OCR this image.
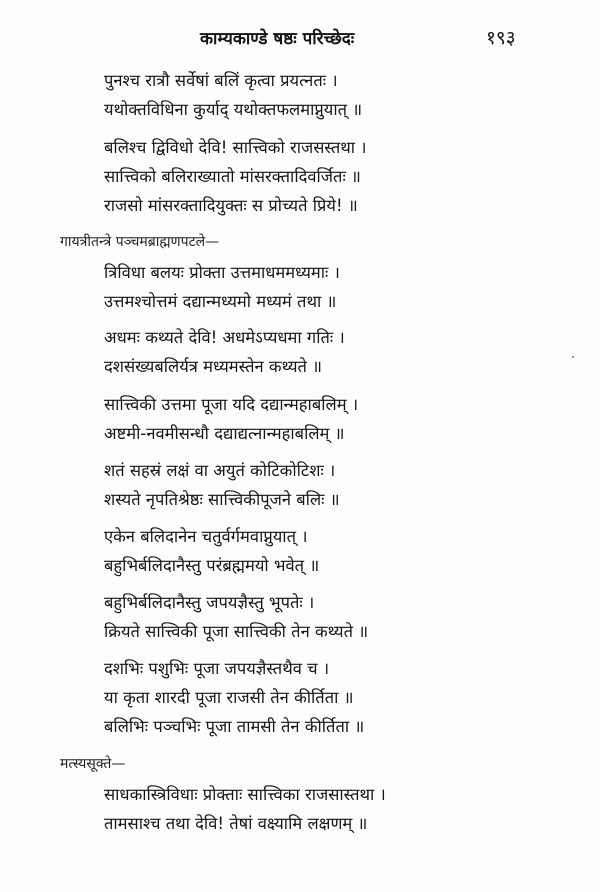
काम्यकाण्डे षष्ठः परिच्छेदः	१९३
पुनश्च रात्रौ सर्वेषां बलिं कृत्वा प्रयत्नतः ।
यथोक्तविधिना कुर्याद् यथोक्तफलमाप्नुयात् ॥
बलिश्च द्विविधो देवि! सात्त्विको राजसस्तथा ।
सात्त्विको बलिराख्यातो मांसरक्तादिवर्जितः ॥
राजसो मांसरक्तादियुक्तः स प्रोच्यते प्रिये! ॥
गायत्रीतन्त्रे पञ्चमब्राह्मणपटले—
त्रिविधा बलयः प्रोक्ता उत्तमाधममध्यमाः ।
उत्तमश्चोत्तमं दद्यान्मध्यमो मध्यमं तथा ॥
अधमः कथ्यते देवि! अधमेऽप्यधमा गतिः ।
दशसंख्यबलिर्यत्र मध्यमस्तेन कथ्यते ॥
सात्त्विकी उत्तमा पूजा यदि दद्यान्महाबलिम् ।
अष्टमी-नवमीसन्धौ दद्याद्यत्नान्महाबलिम् ॥
शतं सहस्रं लक्षं वा अयुतं कोटिकोटिशः ।
शस्यते नृपतिश्रेष्ठः सात्त्विकीपूजने बलिः ॥
एकेन बलिदानेन चतुर्वर्गमवाप्नुयात् ।
बहुभिर्बलिदानैस्तु परंब्रह्ममयो भवेत् ॥
बहुभिर्बलिदानैस्तु जपयज्ञैस्तु भूपतेः ।
क्रियते सात्त्विकी पूजा सात्त्विकी तेन कथ्यते ॥
दशभिः पशुभिः पूजा जपयज्ञैस्तथैव च ।
या कृता शारदी पूजा राजसी तेन कीर्तिता ॥
बलिभिः पञ्चभिः पूजा तामसी तेन कीर्तिता ॥
मत्स्यसूक्ते—
साधकास्त्रिविधाः प्रोक्ताः सात्त्विका राजसास्तथा ।
तामसाश्च तथा देवि! तेषां वक्ष्यामि लक्षणम् ॥
